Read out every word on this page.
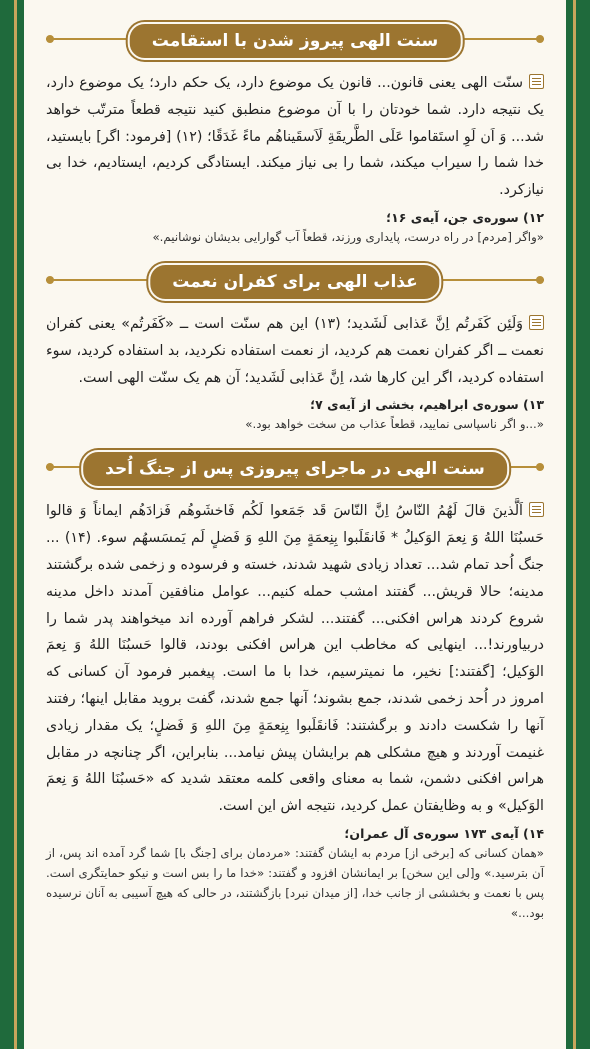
سنت الهی پیروز شدن با استقامت

سنّت الهی یعنی قانون... قانون یک موضوع دارد، یک حکم دارد؛ یک موضوع دارد، یک نتیجه دارد. شما خودتان را با آن موضوع منطبق کنید نتیجه قطعاً مترتّب خواهد شد... وَ اَن لَوِ استَقاموا عَلَی الطَّریقَةِ لَاَسقَیناهُم ماءً غَدَقًا؛ (۱۲) [فرمود: اگر] بایستید، خدا شما را سیراب میکند، شما را بی نیاز میکند. ایستادگی کردیم، ایستادیم، خدا بی نیازکرد.

۱۲) سوره‌ی جن، آیه‌ی ۱۶؛
«واگر [مردم] در راه درست، پایداری ورزند، قطعاً آب گوارایی بدیشان نوشانیم.»
عذاب الهی برای کفران نعمت

وَلَئِن کَفَرتُم اِنَّ عَذابی لَشَدید؛ (۱۳) این هم سنّت است ــ «کَفَرتُم» یعنی کفران نعمت ــ اگر کفران نعمت هم کردید، از نعمت استفاده نکردید، بد استفاده کردید، سوء استفاده کردید، اگر این کارها شد، اِنَّ عَذابی لَشَدید؛ آن هم یک سنّت الهی است.

۱۳) سوره‌ی ابراهیم، بخشی از آیه‌ی ۷؛
«...و اگر ناسپاسی نمایید، قطعاً عذاب من سخت خواهد بود.»
سنت الهی در ماجرای پیروزی پس از جنگ اُحد

اَلَّذینَ قالَ لَهُمُ النّاسُ اِنَّ النّاسَ قَد جَمَعوا لَکُم فَاخشَوهُم فَزادَهُم ایماناً وَ قالوا حَسبُنَا اللهُ وَ نِعمَ الوَکیلُ * فَانقَلَبوا بِنِعمَةٍ مِنَ اللهِ وَ فَضلٍ لَم یَمسَسهُم سوء. (۱۴) ... جنگ اُحد تمام شد... تعداد زیادی شهید شدند، خسته و فرسوده و زخمی شده برگشتند مدینه؛ حالا قریش... گفتند امشب حمله کنیم... عوامل منافقین آمدند داخل مدینه شروع کردند هراس افکنی... گفتند... لشکر فراهم آورده اند میخواهند پدر شما را دربیاورند!... اینهایی که مخاطب این هراس افکنی بودند، قالوا حَسبُنَا اللهُ وَ نِعمَ الوَکیل؛ [گفتند:] نخیر، ما نمیترسیم، خدا با ما است. پیغمبر فرمود آن کسانی که امروز در اُحد زخمی شدند، جمع بشوند؛ آنها جمع شدند، گفت بروید مقابل اینها؛ رفتند آنها را شکست دادند و برگشتند: فَانقَلَبوا بِنِعمَةٍ مِنَ اللهِ وَ فَضلٍ؛ یک مقدار زیادی غنیمت آوردند و هیچ مشکلی هم برایشان پیش نیامد... بنابراین، اگر چنانچه در مقابل هراس افکنی دشمن، شما به معنای واقعی کلمه معتقد شدید که «حَسبُنَا اللهُ وَ نِعمَ الوَکیل» و به وظایفتان عمل کردید، نتیجه اش این است.

۱۴) آیه‌ی ۱۷۳ سوره‌ی آل عمران؛
«همان کسانی که [برخی از] مردم به ایشان گفتند: «مردمان برای [جنگ با] شما گرد آمده اند پس، از آن بترسید.» و[لی این سخن] بر ایمانشان افزود و گفتند: «خدا ما را بس است و نیکو حمایتگری است. پس با نعمت و بخششی از جانب خدا، [از میدان نبرد] بازگشتند، در حالی که هیچ آسیبی به آنان نرسیده بود...»
